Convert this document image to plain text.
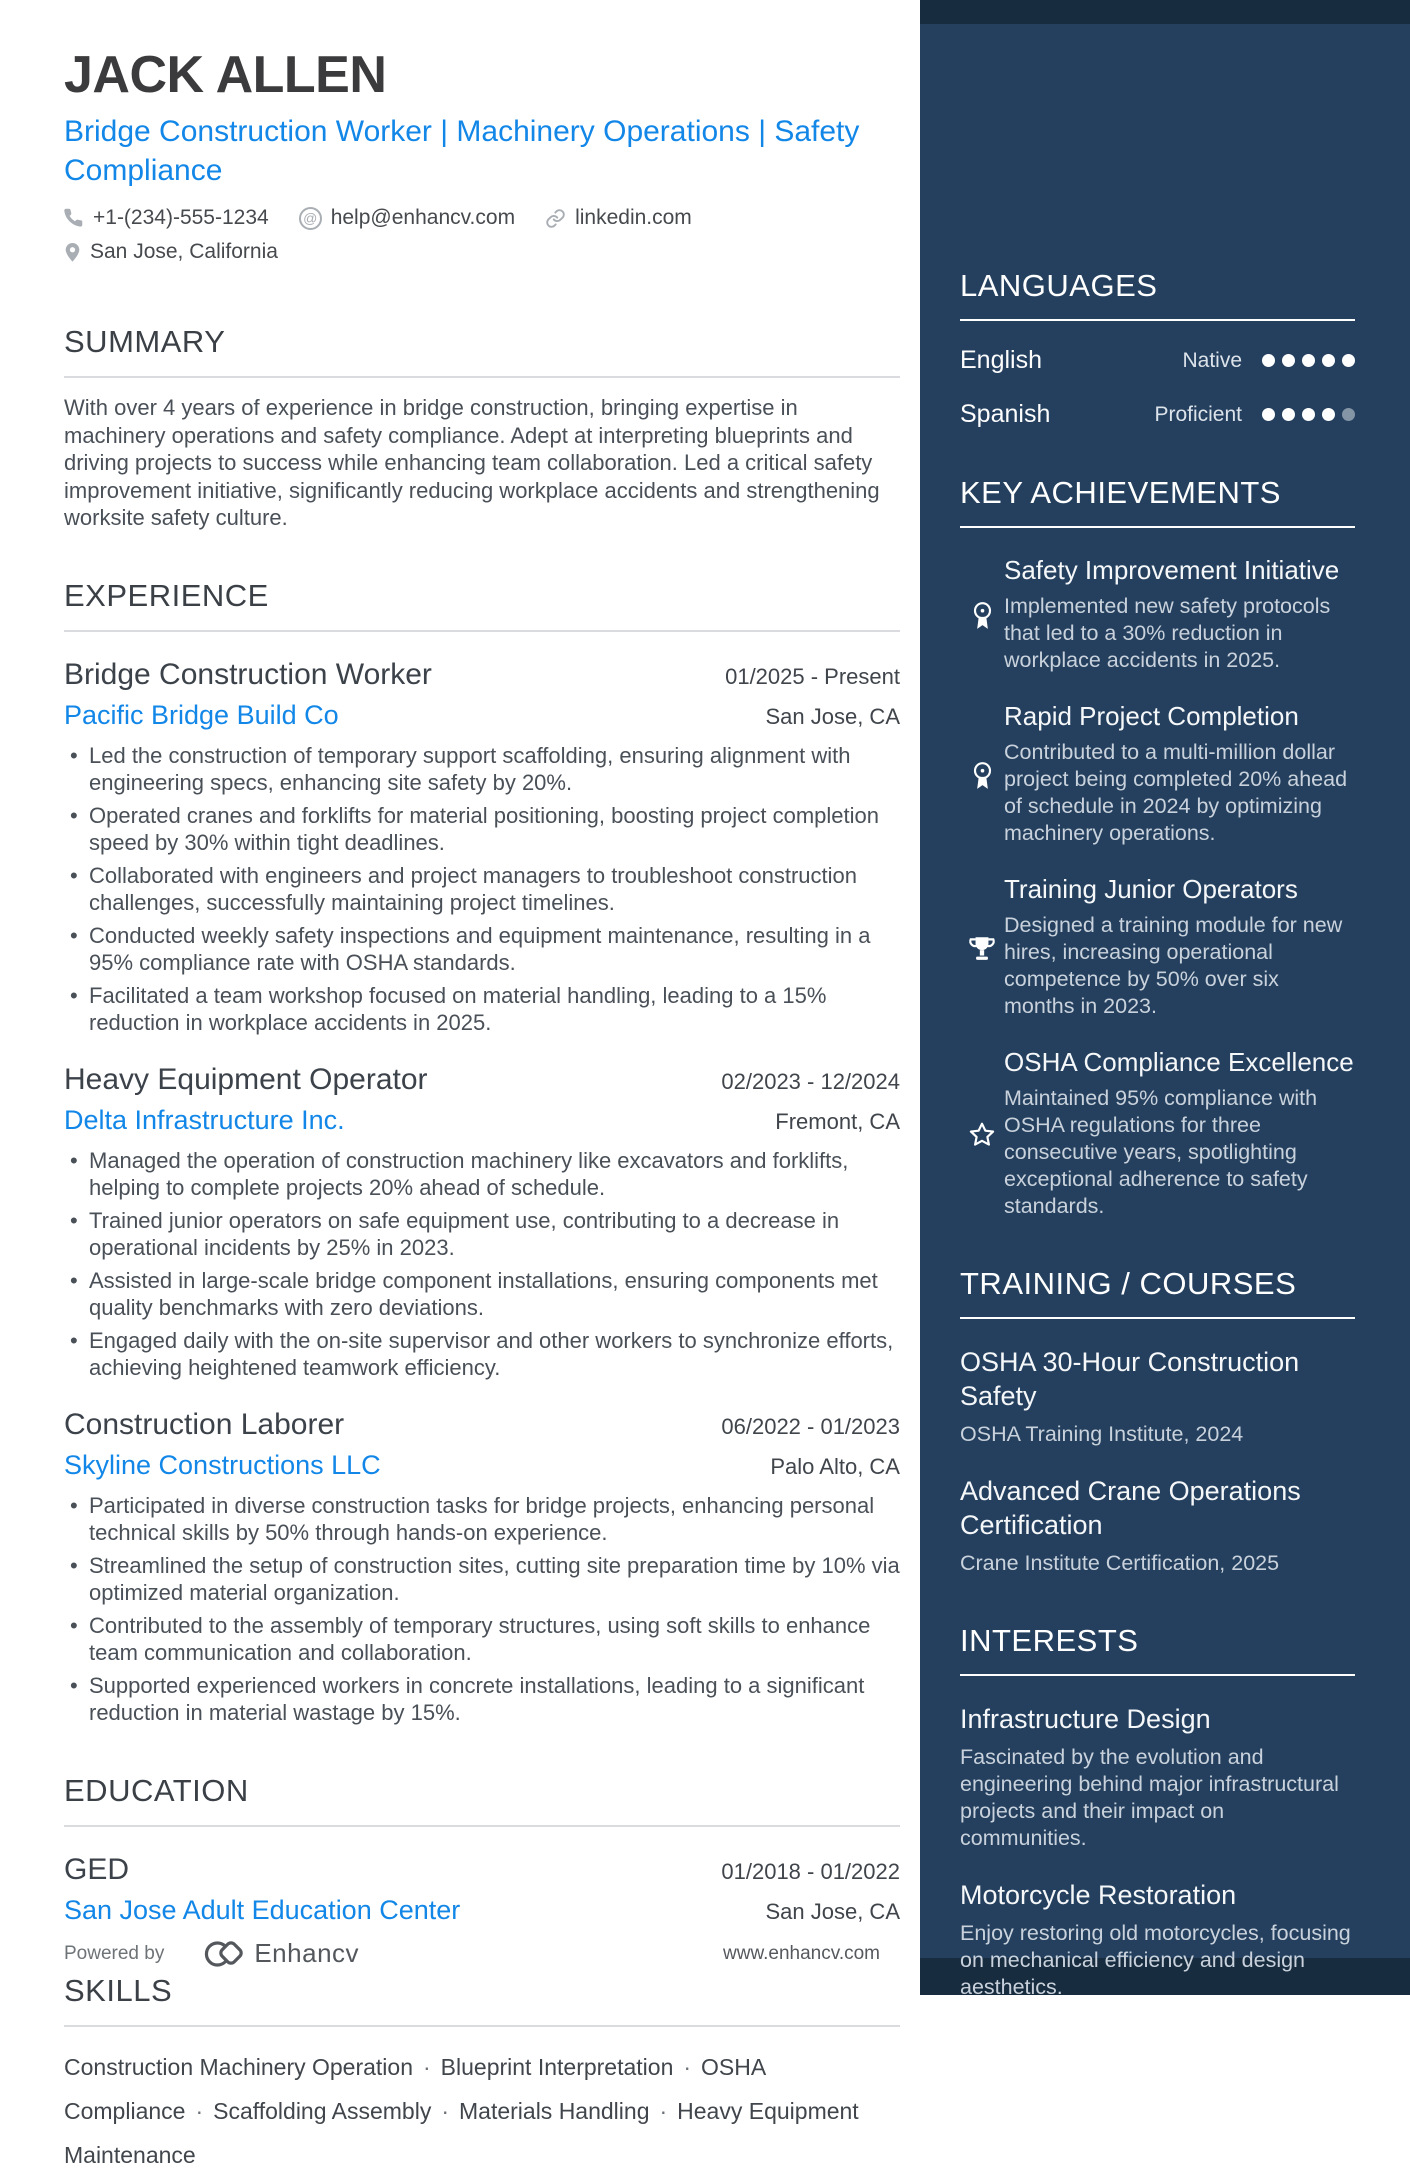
LANGUAGES
English	Native
Spanish	Proficient
KEY ACHIEVEMENTS
Safety Improvement Initiative

Implemented new safety protocols that led to a 30% reduction in workplace accidents in 2025.

Rapid Project Completion

Contributed to a multi-million dollar project being completed 20% ahead of schedule in 2024 by optimizing machinery operations.

Training Junior Operators

Designed a training module for new hires, increasing operational competence by 50% over six months in 2023.

OSHA Compliance Excellence

Maintained 95% compliance with OSHA regulations for three consecutive years, spotlighting exceptional adherence to safety standards.

TRAINING / COURSES
OSHA 30-Hour Construction Safety

OSHA Training Institute, 2024

Advanced Crane Operations Certification

Crane Institute Certification, 2025

INTERESTS
Infrastructure Design

Fascinated by the evolution and engineering behind major infrastructural projects and their impact on communities.

Motorcycle Restoration

Enjoy restoring old motorcycles, focusing on mechanical efficiency and design aesthetics.

JACK ALLEN

Bridge Construction Worker | Machinery Operations | Safety Compliance

+1-(234)-555-1234	@ help@enhancv.com	linkedin.com
San Jose, California
SUMMARY

With over 4 years of experience in bridge construction, bringing expertise in machinery operations and safety compliance. Adept at interpreting blueprints and driving projects to success while enhancing team collaboration. Led a critical safety improvement initiative, significantly reducing workplace accidents and strengthening worksite safety culture.

EXPERIENCE
Bridge Construction Worker	01/2025 - Present
Pacific Bridge Build Co	San Jose, CA
• Led the construction of temporary support scaffolding, ensuring alignment with engineering specs, enhancing site safety by 20%.
• Operated cranes and forklifts for material positioning, boosting project completion speed by 30% within tight deadlines.
• Collaborated with engineers and project managers to troubleshoot construction challenges, successfully maintaining project timelines.
• Conducted weekly safety inspections and equipment maintenance, resulting in a 95% compliance rate with OSHA standards.
• Facilitated a team workshop focused on material handling, leading to a 15% reduction in workplace accidents in 2025.
Heavy Equipment Operator	02/2023 - 12/2024
Delta Infrastructure Inc.	Fremont, CA
• Managed the operation of construction machinery like excavators and forklifts, helping to complete projects 20% ahead of schedule.
• Trained junior operators on safe equipment use, contributing to a decrease in operational incidents by 25% in 2023.
• Assisted in large-scale bridge component installations, ensuring components met quality benchmarks with zero deviations.
• Engaged daily with the on-site supervisor and other workers to synchronize efforts, achieving heightened teamwork efficiency.
Construction Laborer	06/2022 - 01/2023
Skyline Constructions LLC	Palo Alto, CA
• Participated in diverse construction tasks for bridge projects, enhancing personal technical skills by 50% through hands-on experience.
• Streamlined the setup of construction sites, cutting site preparation time by 10% via optimized material organization.
• Contributed to the assembly of temporary structures, using soft skills to enhance team communication and collaboration.
• Supported experienced workers in concrete installations, leading to a significant reduction in material wastage by 15%.
EDUCATION
GED	01/2018 - 01/2022
San Jose Adult Education Center	San Jose, CA
SKILLS

Construction Machinery Operation · Blueprint Interpretation · OSHA Compliance · Scaffolding Assembly · Materials Handling · Heavy Equipment Maintenance

Powered by	Enhancv	www.enhancv.com
